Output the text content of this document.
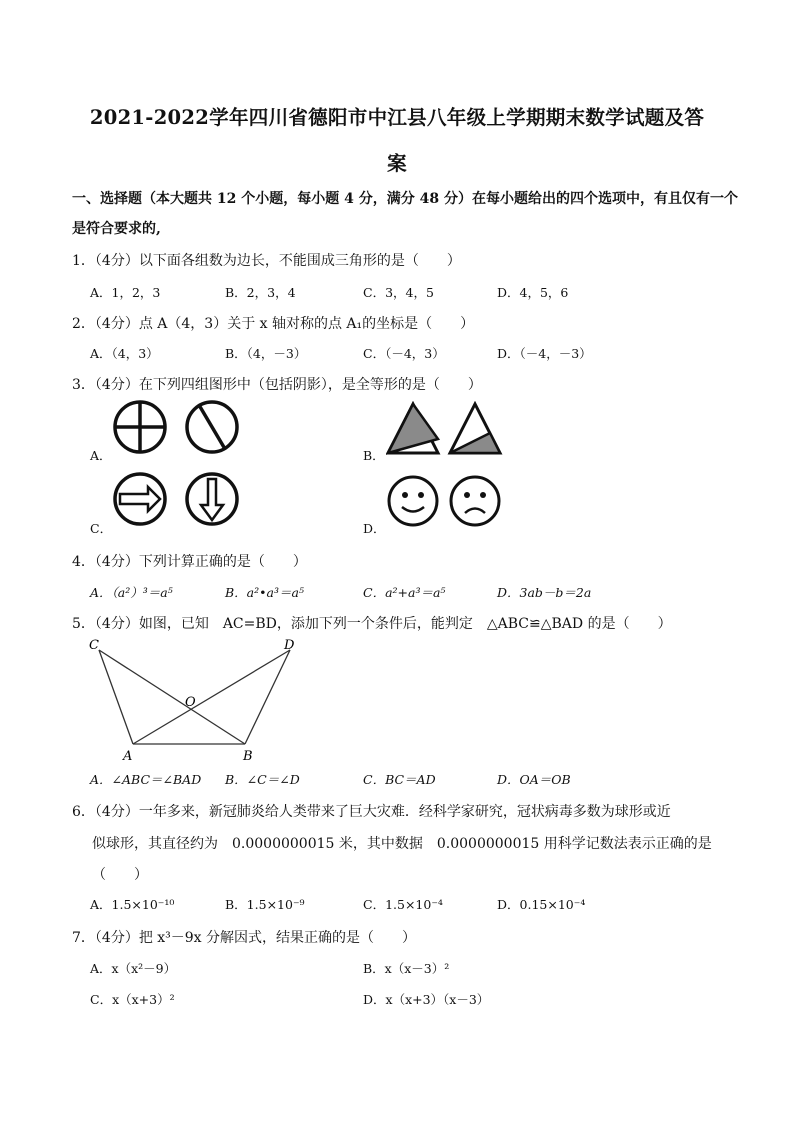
2021-2022学年四川省德阳市中江县八年级上学期期末数学试题及答
案
一、选择题（本大题共 12 个小题，每小题 4 分，满分 48 分）在每小题给出的四个选项中，有且仅有一个
是符合要求的,
1．（4分）以下面各组数为边长，不能围成三角形的是（　　）
A．1，2，3	B．2，3，4	C．3，4，5	D．4，5，6
2．（4分）点 A（4，3）关于 x 轴对称的点 A₁的坐标是（　　）
A．（4，3）	B．（4，－3）	C．（－4，3）	D．（－4，－3）
3．（4分）在下列四组图形中（包括阴影），是全等形的是（　　）
A．	B．
C．	D．
4．（4分）下列计算正确的是（　　）
A．（a²）³＝a⁵	B．a²•a³＝a⁵	C．a²+a³＝a⁵	D．3ab－b＝2a
5．（4分）如图，已知　AC=BD，添加下列一个条件后，能判定　△ABC≌△BAD 的是（　　）
C	D
O
A	B
A．∠ABC＝∠BAD B．∠C＝∠D	C．BC＝AD	D．OA＝OB
6．（4分）一年多来，新冠肺炎给人类带来了巨大灾难．经科学家研究，冠状病毒多数为球形或近
似球形，其直径约为　0.0000000015 米，其中数据　0.0000000015 用科学记数法表示正确的是
（　　）
A．1.5×10⁻¹⁰	B．1.5×10⁻⁹	C．1.5×10⁻⁴	D．0.15×10⁻⁴
7．（4分）把 x³－9x 分解因式，结果正确的是（　　）
A．x（x²－9）	B．x（x－3）²
C．x（x+3）²	D．x（x+3）（x－3）
